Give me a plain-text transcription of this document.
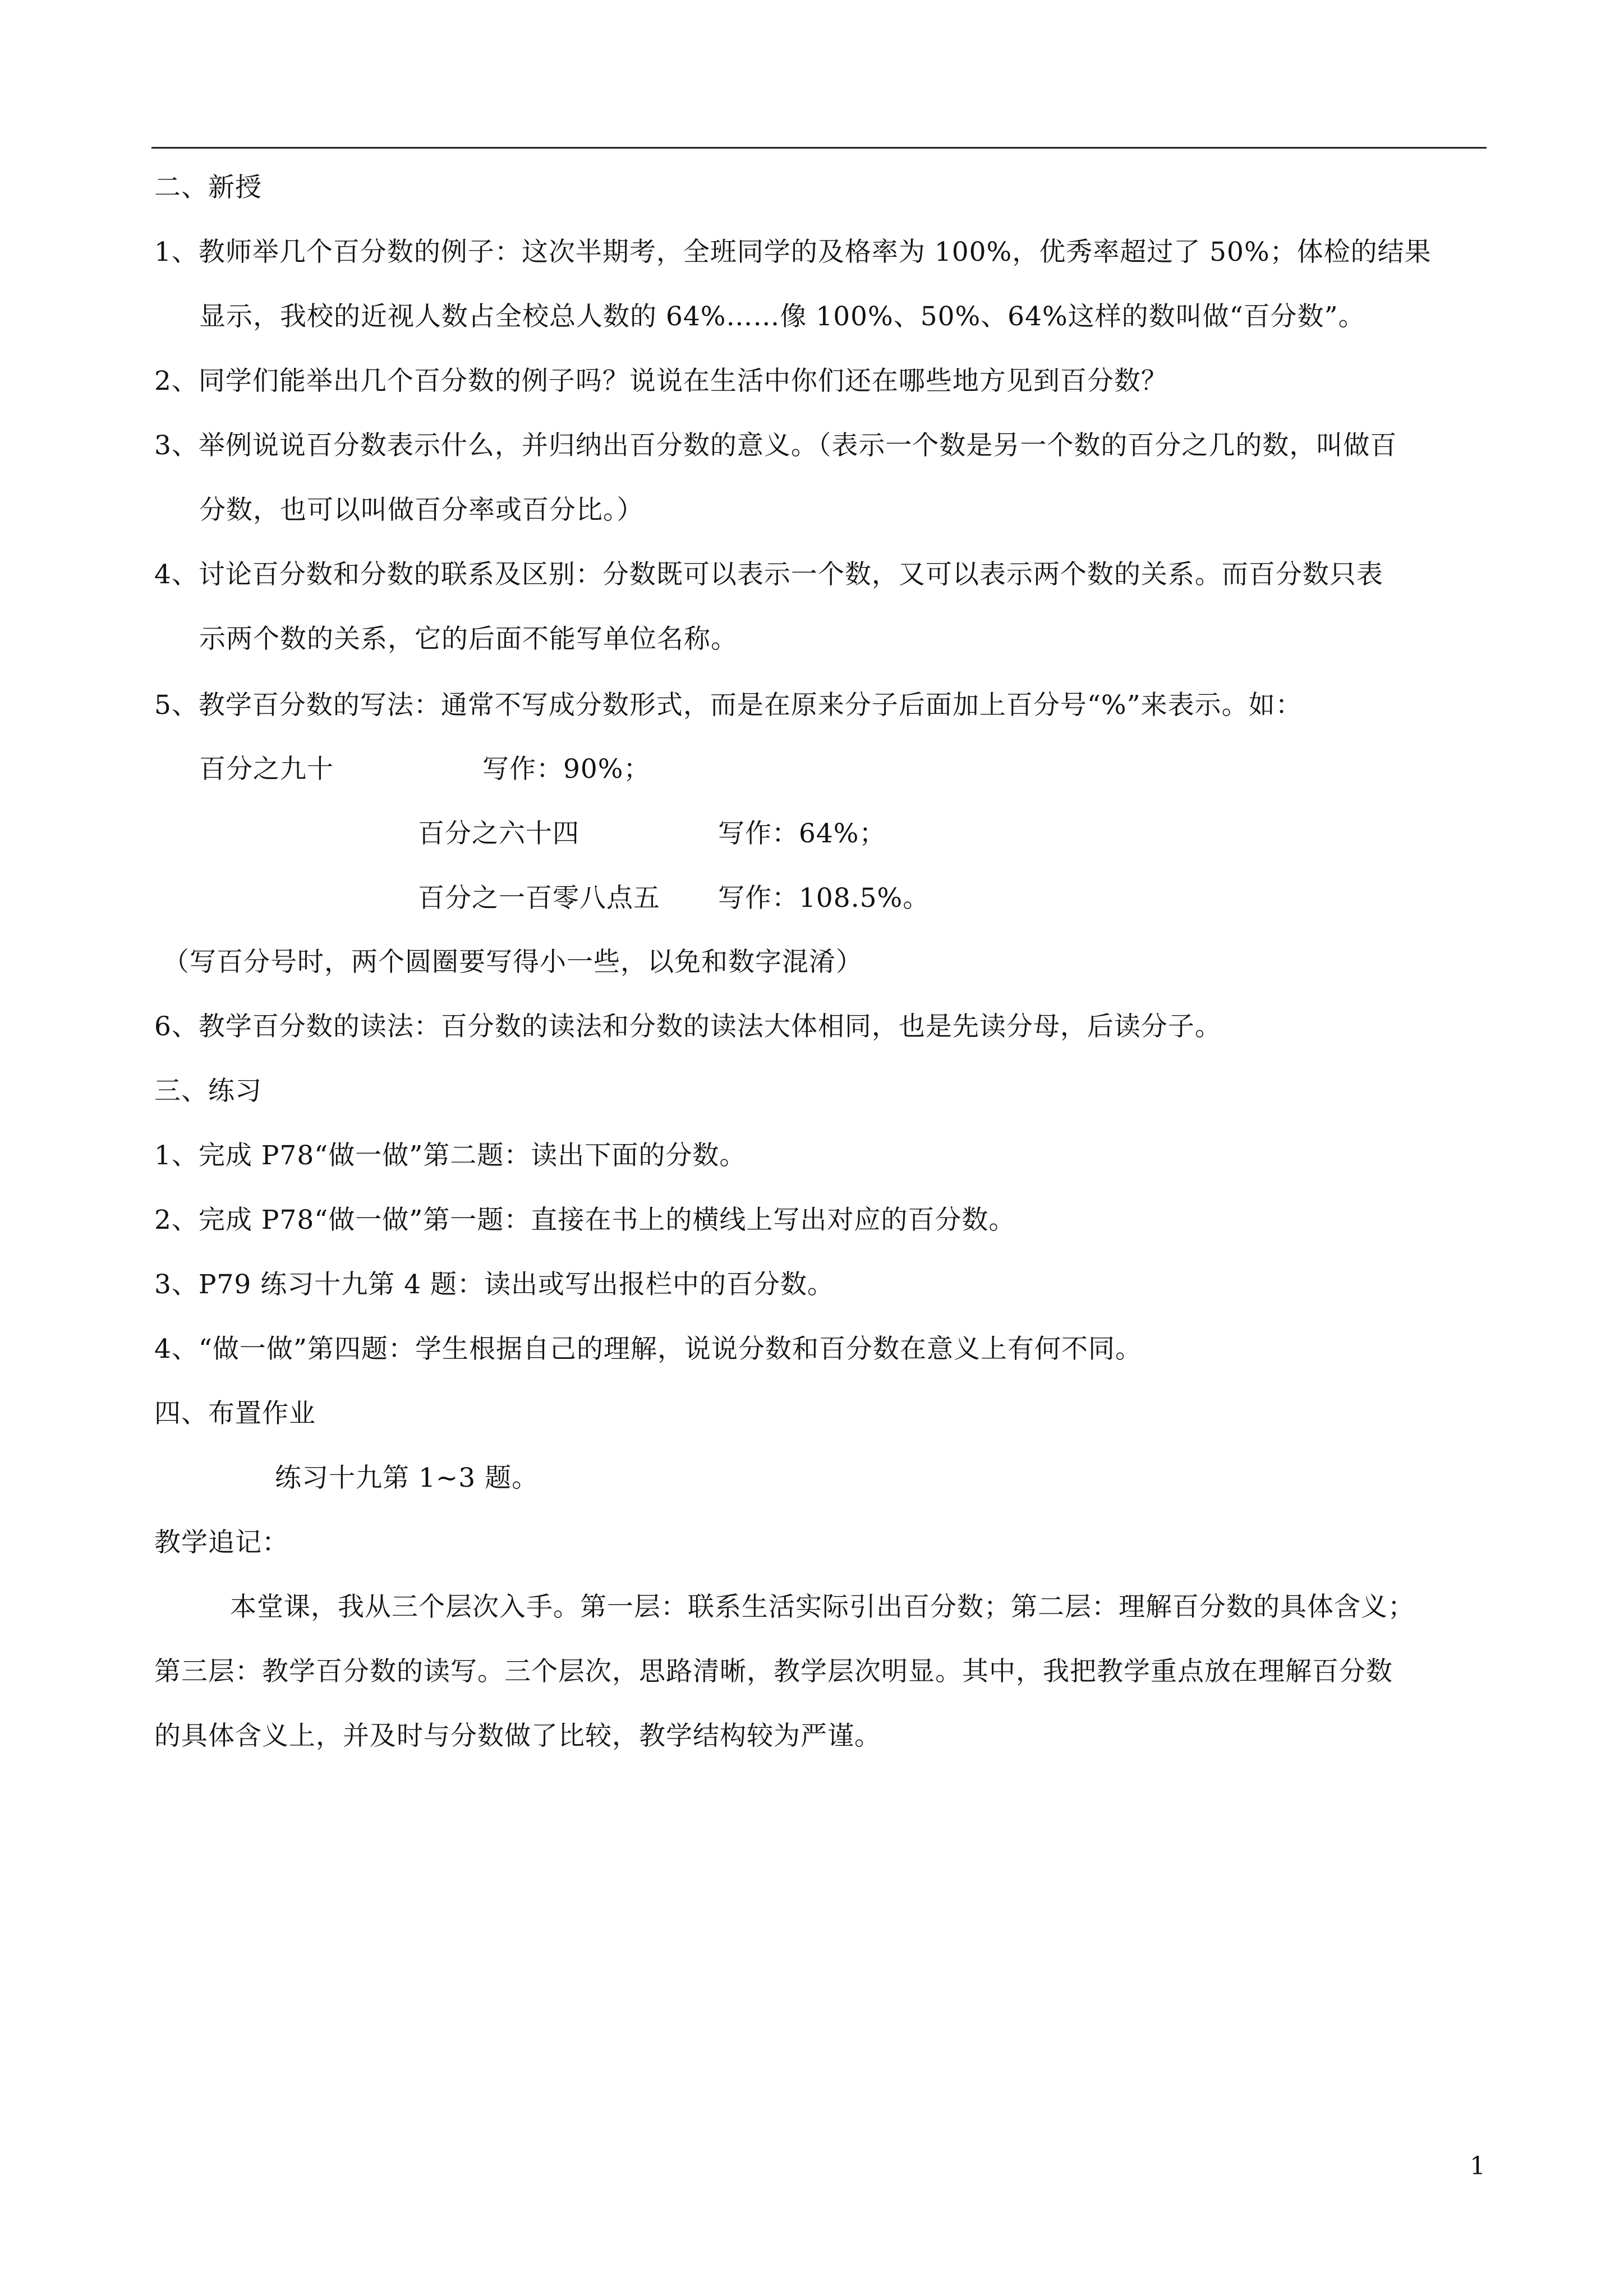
二、新授
1、教师举几个百分数的例子：这次半期考，全班同学的及格率为 100%，优秀率超过了 50%；体检的结果
显示，我校的近视人数占全校总人数的 64%……像 100%、50%、64%这样的数叫做“百分数”。
2、同学们能举出几个百分数的例子吗？说说在生活中你们还在哪些地方见到百分数？
3、举例说说百分数表示什么，并归纳出百分数的意义。（表示一个数是另一个数的百分之几的数，叫做百
分数，也可以叫做百分率或百分比。）
4、讨论百分数和分数的联系及区别：分数既可以表示一个数，又可以表示两个数的关系。而百分数只表
示两个数的关系，它的后面不能写单位名称。
5、教学百分数的写法：通常不写成分数形式，而是在原来分子后面加上百分号“%”来表示。如：
百分之九十	写作：90%；
百分之六十四	写作：64%；
百分之一百零八点五 写作：108.5%。
（写百分号时，两个圆圈要写得小一些，以免和数字混淆）
6、教学百分数的读法：百分数的读法和分数的读法大体相同，也是先读分母，后读分子。
三、练习
1、完成 P78“做一做”第二题：读出下面的分数。
2、完成 P78“做一做”第一题：直接在书上的横线上写出对应的百分数。
3、P79 练习十九第 4 题：读出或写出报栏中的百分数。
4、“做一做”第四题：学生根据自己的理解，说说分数和百分数在意义上有何不同。
四、布置作业
练习十九第 1~3 题。
教学追记：
本堂课，我从三个层次入手。第一层：联系生活实际引出百分数；第二层：理解百分数的具体含义；
第三层：教学百分数的读写。三个层次，思路清晰，教学层次明显。其中，我把教学重点放在理解百分数
的具体含义上，并及时与分数做了比较，教学结构较为严谨。
1
